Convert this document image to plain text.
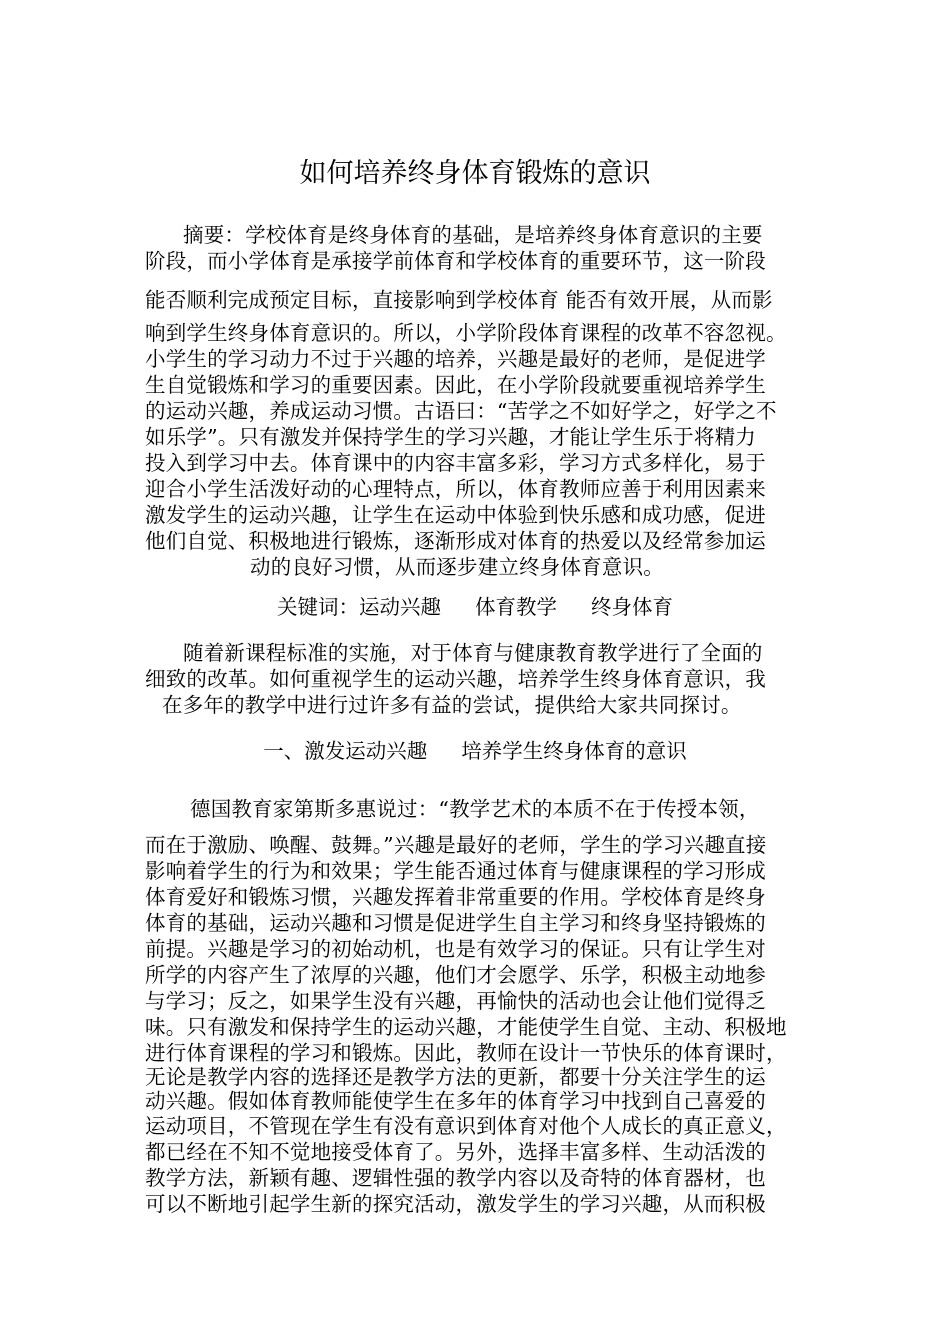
如何培养终身体育锻炼的意识
摘要：学校体育是终身体育的基础，是培养终身体育意识的主要
阶段，而小学体育是承接学前体育和学校体育的重要环节，这一阶段
能否顺利完成预定目标，直接影响到学校体育 能否有效开展，从而影
响到学生终身体育意识的。所以，小学阶段体育课程的改革不容忽视。
小学生的学习动力不过于兴趣的培养，兴趣是最好的老师，是促进学
生自觉锻炼和学习的重要因素。因此，在小学阶段就要重视培养学生
的运动兴趣，养成运动习惯。古语曰：“苦学之不如好学之，好学之不
如乐学”。只有激发并保持学生的学习兴趣，才能让学生乐于将精力
投入到学习中去。体育课中的内容丰富多彩，学习方式多样化，易于
迎合小学生活泼好动的心理特点，所以，体育教师应善于利用因素来
激发学生的运动兴趣，让学生在运动中体验到快乐感和成功感，促进
他们自觉、积极地进行锻炼，逐渐形成对体育的热爱以及经常参加运
动的良好习惯，从而逐步建立终身体育意识。
关键词：运动兴趣 体育教学 终身体育
随着新课程标准的实施，对于体育与健康教育教学进行了全面的
细致的改革。如何重视学生的运动兴趣，培养学生终身体育意识，我
在多年的教学中进行过许多有益的尝试，提供给大家共同探讨。
一、激发运动兴趣 培养学生终身体育的意识
德国教育家第斯多惠说过：“教学艺术的本质不在于传授本领，
而在于激励、唤醒、鼓舞。”兴趣是最好的老师，学生的学习兴趣直接
影响着学生的行为和效果；学生能否通过体育与健康课程的学习形成
体育爱好和锻炼习惯，兴趣发挥着非常重要的作用。学校体育是终身
体育的基础，运动兴趣和习惯是促进学生自主学习和终身坚持锻炼的
前提。兴趣是学习的初始动机，也是有效学习的保证。只有让学生对
所学的内容产生了浓厚的兴趣，他们才会愿学、乐学，积极主动地参
与学习；反之，如果学生没有兴趣，再愉快的活动也会让他们觉得乏
味。只有激发和保持学生的运动兴趣，才能使学生自觉、主动、积极地
进行体育课程的学习和锻炼。因此，教师在设计一节快乐的体育课时，
无论是教学内容的选择还是教学方法的更新，都要十分关注学生的运
动兴趣。假如体育教师能使学生在多年的体育学习中找到自己喜爱的
运动项目，不管现在学生有没有意识到体育对他个人成长的真正意义，
都已经在不知不觉地接受体育了。另外，选择丰富多样、生动活泼的
教学方法，新颖有趣、逻辑性强的教学内容以及奇特的体育器材，也
可以不断地引起学生新的探究活动，激发学生的学习兴趣，从而积极
